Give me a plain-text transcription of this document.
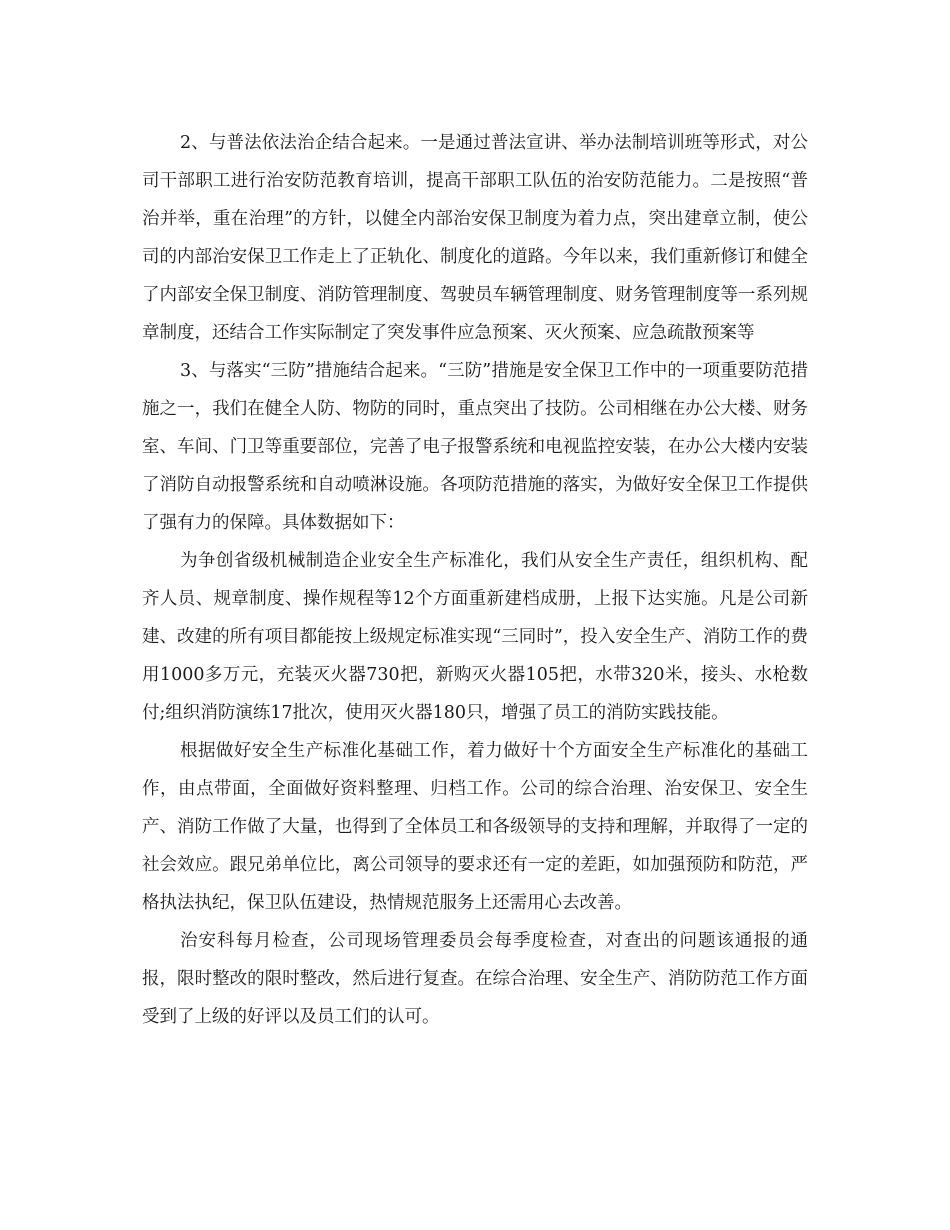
2、与普法依法治企结合起来。一是通过普法宣讲、举办法制培训班等形式，对公司干部职工进行治安防范教育培训，提高干部职工队伍的治安防范能力。二是按照“普治并举，重在治理”的方针，以健全内部治安保卫制度为着力点，突出建章立制，使公司的内部治安保卫工作走上了正轨化、制度化的道路。今年以来，我们重新修订和健全了内部安全保卫制度、消防管理制度、驾驶员车辆管理制度、财务管理制度等一系列规章制度，还结合工作实际制定了突发事件应急预案、灭火预案、应急疏散预案等

3、与落实“三防”措施结合起来。“三防”措施是安全保卫工作中的一项重要防范措施之一，我们在健全人防、物防的同时，重点突出了技防。公司相继在办公大楼、财务室、车间、门卫等重要部位，完善了电子报警系统和电视监控安装，在办公大楼内安装了消防自动报警系统和自动喷淋设施。各项防范措施的落实，为做好安全保卫工作提供了强有力的保障。具体数据如下：

为争创省级机械制造企业安全生产标准化，我们从安全生产责任，组织机构、配齐人员、规章制度、操作规程等12个方面重新建档成册，上报下达实施。凡是公司新建、改建的所有项目都能按上级规定标准实现“三同时”，投入安全生产、消防工作的费用1000多万元，充装灭火器730把，新购灭火器105把，水带320米，接头、水枪数付;组织消防演练17批次，使用灭火器180只，增强了员工的消防实践技能。

根据做好安全生产标准化基础工作，着力做好十个方面安全生产标准化的基础工作，由点带面，全面做好资料整理、归档工作。公司的综合治理、治安保卫、安全生产、消防工作做了大量，也得到了全体员工和各级领导的支持和理解，并取得了一定的社会效应。跟兄弟单位比，离公司领导的要求还有一定的差距，如加强预防和防范，严格执法执纪，保卫队伍建设，热情规范服务上还需用心去改善。

治安科每月检查，公司现场管理委员会每季度检查，对查出的问题该通报的通报，限时整改的限时整改，然后进行复查。在综合治理、安全生产、消防防范工作方面受到了上级的好评以及员工们的认可。
